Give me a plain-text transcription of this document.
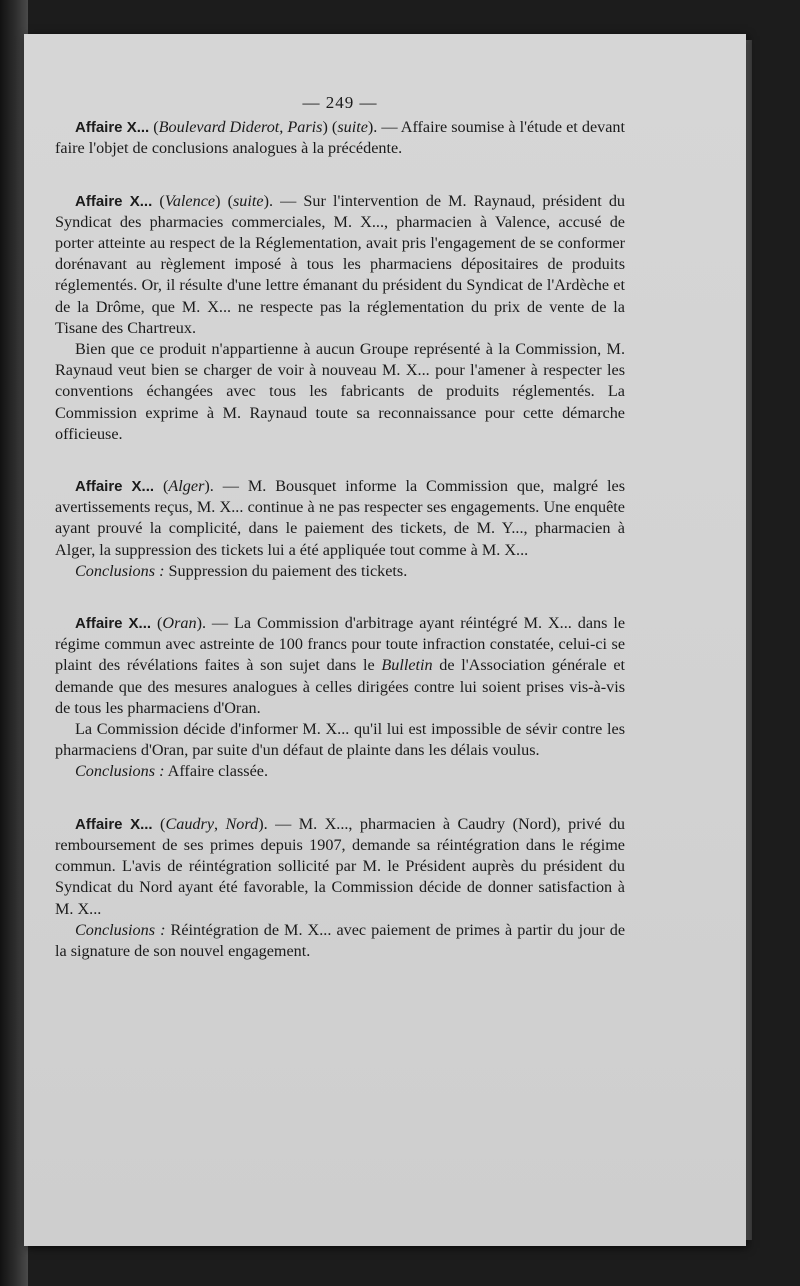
— 249 —

Affaire X... (Boulevard Diderot, Paris) (suite). — Affaire soumise à l'étude et devant faire l'objet de conclusions analogues à la précédente.

Affaire X... (Valence) (suite). — Sur l'intervention de M. Raynaud, président du Syndicat des pharmacies commerciales, M. X..., pharmacien à Valence, accusé de porter atteinte au respect de la Réglementation, avait pris l'engagement de se conformer dorénavant au règlement imposé à tous les pharmaciens dépositaires de produits réglementés. Or, il résulte d'une lettre émanant du président du Syndicat de l'Ardèche et de la Drôme, que M. X... ne respecte pas la réglementation du prix de vente de la Tisane des Chartreux.

Bien que ce produit n'appartienne à aucun Groupe représenté à la Commission, M. Raynaud veut bien se charger de voir à nouveau M. X... pour l'amener à respecter les conventions échangées avec tous les fabricants de produits réglementés. La Commission exprime à M. Raynaud toute sa reconnaissance pour cette démarche officieuse.

Affaire X... (Alger). — M. Bousquet informe la Commission que, malgré les avertissements reçus, M. X... continue à ne pas respecter ses engagements. Une enquête ayant prouvé la complicité, dans le paiement des tickets, de M. Y..., pharmacien à Alger, la suppression des tickets lui a été appliquée tout comme à M. X...

Conclusions : Suppression du paiement des tickets.

Affaire X... (Oran). — La Commission d'arbitrage ayant réintégré M. X... dans le régime commun avec astreinte de 100 francs pour toute infraction constatée, celui-ci se plaint des révélations faites à son sujet dans le Bulletin de l'Association générale et demande que des mesures analogues à celles dirigées contre lui soient prises vis-à-vis de tous les pharmaciens d'Oran.

La Commission décide d'informer M. X... qu'il lui est impossible de sévir contre les pharmaciens d'Oran, par suite d'un défaut de plainte dans les délais voulus.

Conclusions : Affaire classée.

Affaire X... (Caudry, Nord). — M. X..., pharmacien à Caudry (Nord), privé du remboursement de ses primes depuis 1907, demande sa réintégration dans le régime commun. L'avis de réintégration sollicité par M. le Président auprès du président du Syndicat du Nord ayant été favorable, la Commission décide de donner satisfaction à M. X...

Conclusions : Réintégration de M. X... avec paiement de primes à partir du jour de la signature de son nouvel engagement.
